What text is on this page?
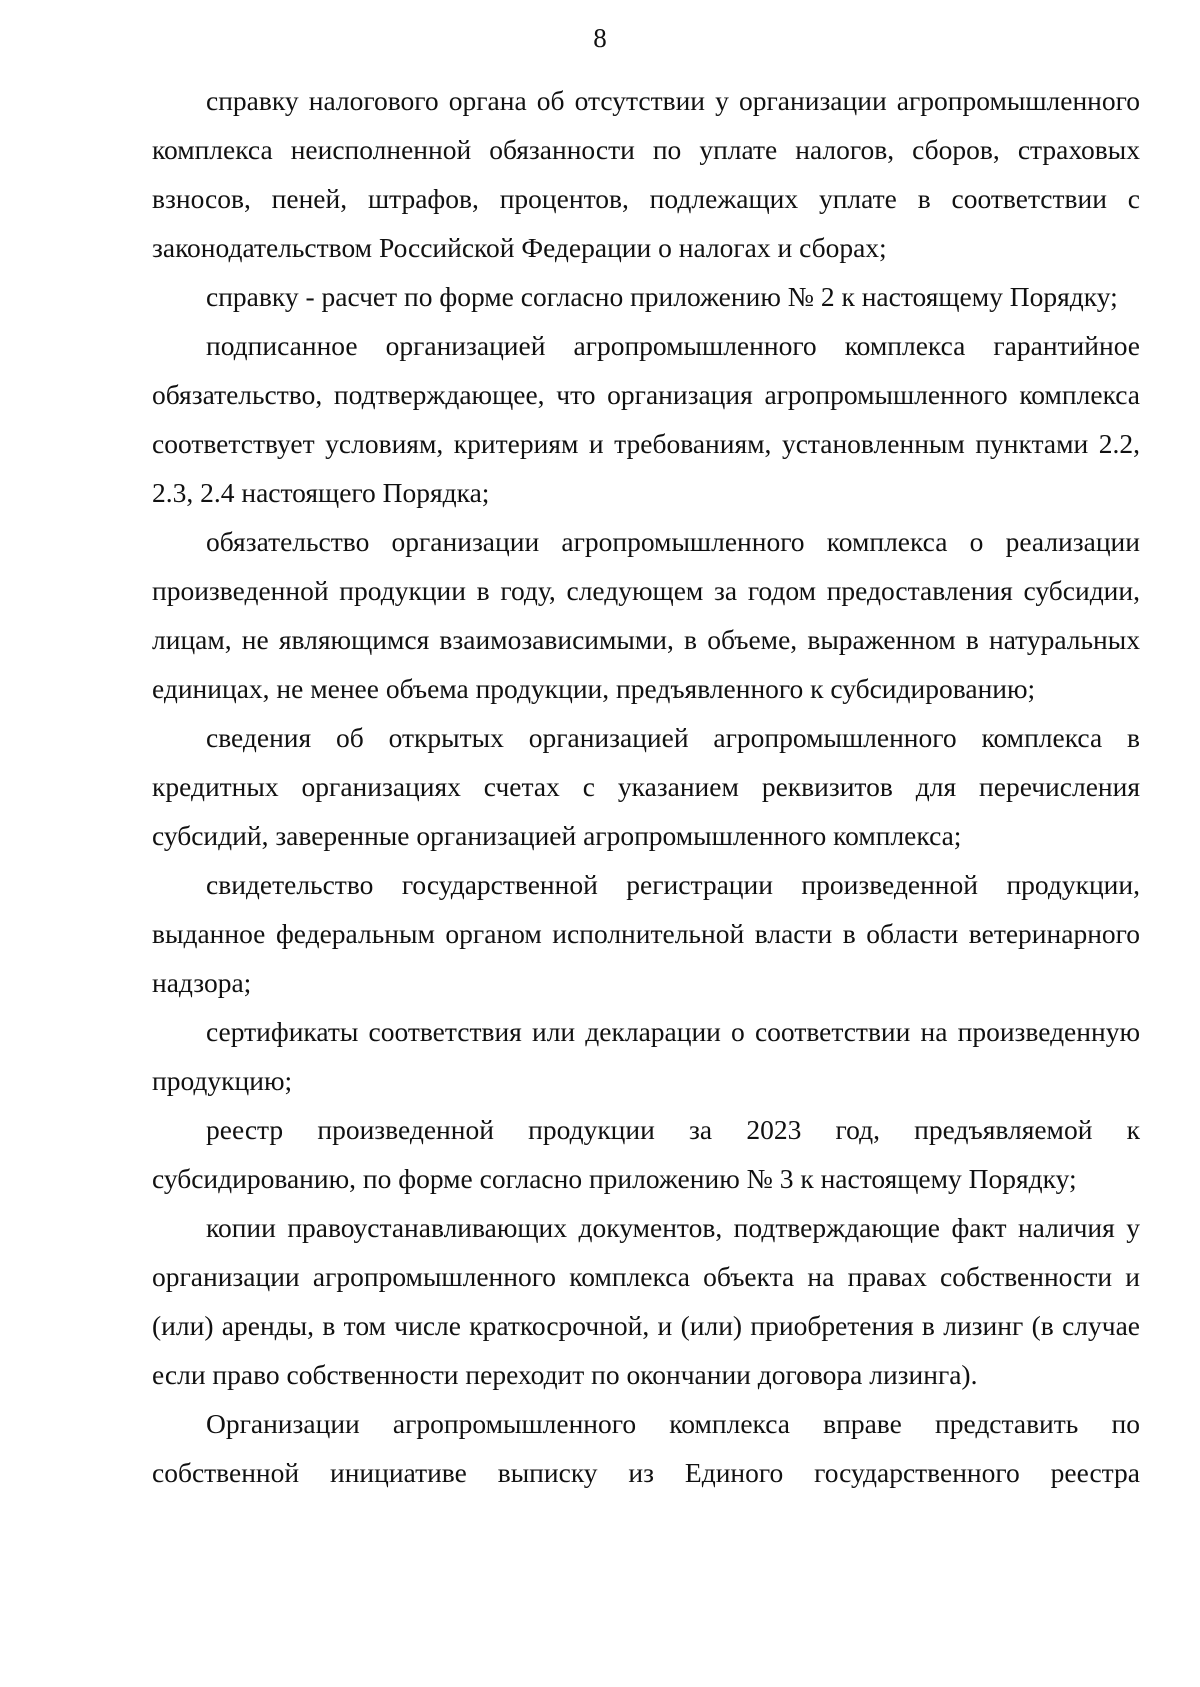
8

справку налогового органа об отсутствии у организации агропромышленного комплекса неисполненной обязанности по уплате налогов, сборов, страховых взносов, пеней, штрафов, процентов, подлежащих уплате в соответствии с законодательством Российской Федерации о налогах и сборах;

справку - расчет по форме согласно приложению № 2 к настоящему Порядку;

подписанное организацией агропромышленного комплекса гарантийное обязательство, подтверждающее, что организация агропромышленного комплекса соответствует условиям, критериям и требованиям, установленным пунктами 2.2, 2.3, 2.4 настоящего Порядка;

обязательство организации агропромышленного комплекса о реализации произведенной продукции в году, следующем за годом предоставления субсидии, лицам, не являющимся взаимозависимыми, в объеме, выраженном в натуральных единицах, не менее объема продукции, предъявленного к субсидированию;

сведения об открытых организацией агропромышленного комплекса в кредитных организациях счетах с указанием реквизитов для перечисления субсидий, заверенные организацией агропромышленного комплекса;

свидетельство государственной регистрации произведенной продукции, выданное федеральным органом исполнительной власти в области ветеринарного надзора;

сертификаты соответствия или декларации о соответствии на произведенную продукцию;

реестр произведенной продукции за 2023 год, предъявляемой к субсидированию, по форме согласно приложению № 3 к настоящему Порядку;

копии правоустанавливающих документов, подтверждающие факт наличия у организации агропромышленного комплекса объекта на правах собственности и (или) аренды, в том числе краткосрочной, и (или) приобретения в лизинг (в случае если право собственности переходит по окончании договора лизинга).

Организации агропромышленного комплекса вправе представить по собственной инициативе выписку из Единого государственного реестра
